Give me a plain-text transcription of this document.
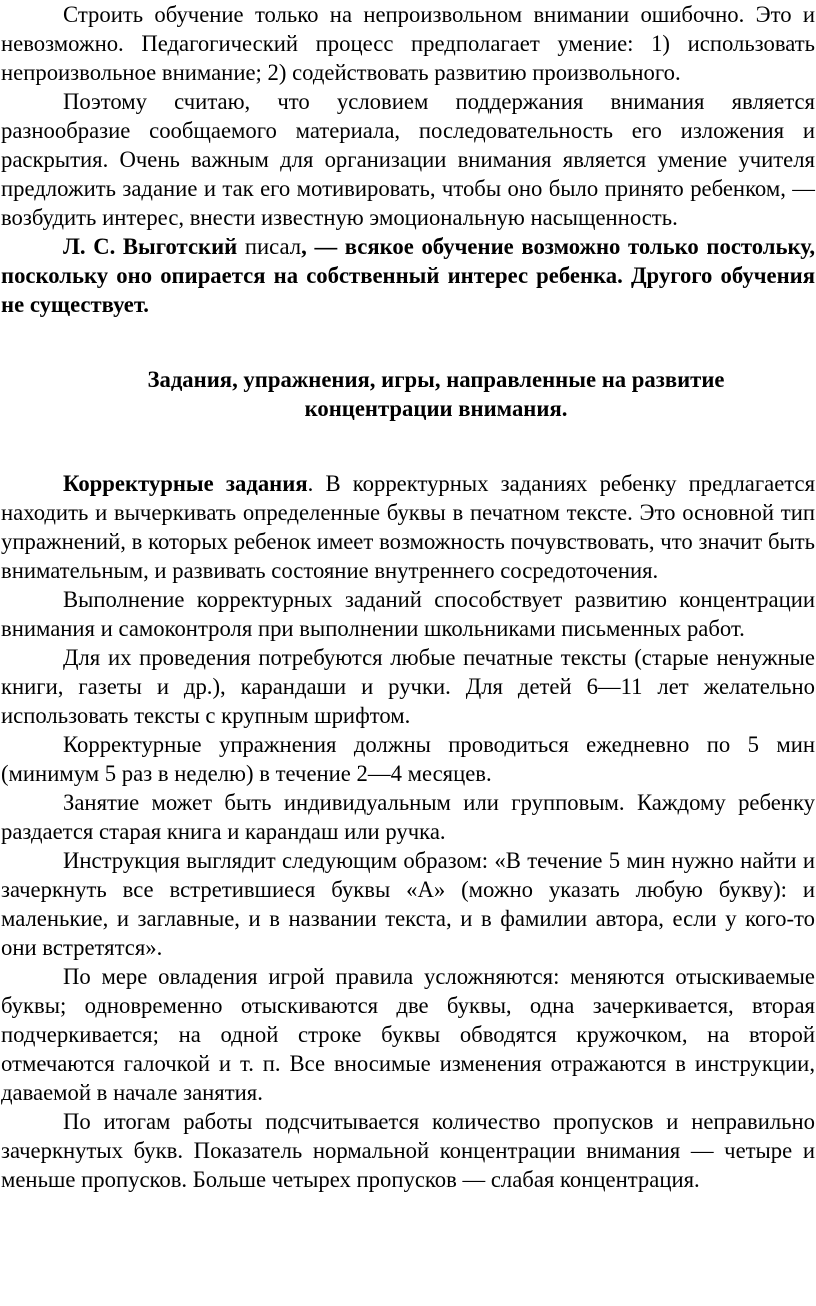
Строить обучение только на непроизвольном внимании ошибочно. Это и невозможно. Педагогический процесс предполагает умение: 1) использовать непроизвольное внимание; 2) содействовать развитию произвольного.

Поэтому считаю, что условием поддержания внимания является разнообразие сообщаемого материала, последовательность его изложения и раскрытия. Очень важным для организации внимания является умение учителя предложить задание и так его мотивировать, чтобы оно было принято ребенком, — возбудить интерес, внести известную эмоциональную насыщенность.

Л. С. Выготский писал, — всякое обучение возможно только постольку, поскольку оно опирается на собственный интерес ребенка. Другого обучения не существует.

Задания, упражнения, игры, направленные на развитие концентрации внимания.

Корректурные задания. В корректурных заданиях ребенку предлагается находить и вычеркивать определенные буквы в печатном тексте. Это основной тип упражнений, в которых ребенок имеет возможность почувствовать, что значит быть внимательным, и развивать состояние внутреннего сосредоточения.

Выполнение корректурных заданий способствует развитию концентрации внимания и самоконтроля при выполнении школьниками письменных работ.

Для их проведения потребуются любые печатные тексты (старые ненужные книги, газеты и др.), карандаши и ручки. Для детей 6—11 лет желательно использовать тексты с крупным шрифтом.

Корректурные упражнения должны проводиться ежедневно по 5 мин (минимум 5 раз в неделю) в течение 2—4 месяцев.

Занятие может быть индивидуальным или групповым. Каждому ребенку раздается старая книга и карандаш или ручка.

Инструкция выглядит следующим образом: «В течение 5 мин нужно найти и зачеркнуть все встретившиеся буквы «А» (можно указать любую букву): и маленькие, и заглавные, и в названии текста, и в фамилии автора, если у кого-то они встретятся».

По мере овладения игрой правила усложняются: меняются отыскиваемые буквы; одновременно отыскиваются две буквы, одна зачеркивается, вторая подчеркивается; на одной строке буквы обводятся кружочком, на второй отмечаются галочкой и т. п. Все вносимые изменения отражаются в инструкции, даваемой в начале занятия.

По итогам работы подсчитывается количество пропусков и неправильно зачеркнутых букв. Показатель нормальной концентрации внимания — четыре и меньше пропусков. Больше четырех пропусков — слабая концентрация.
